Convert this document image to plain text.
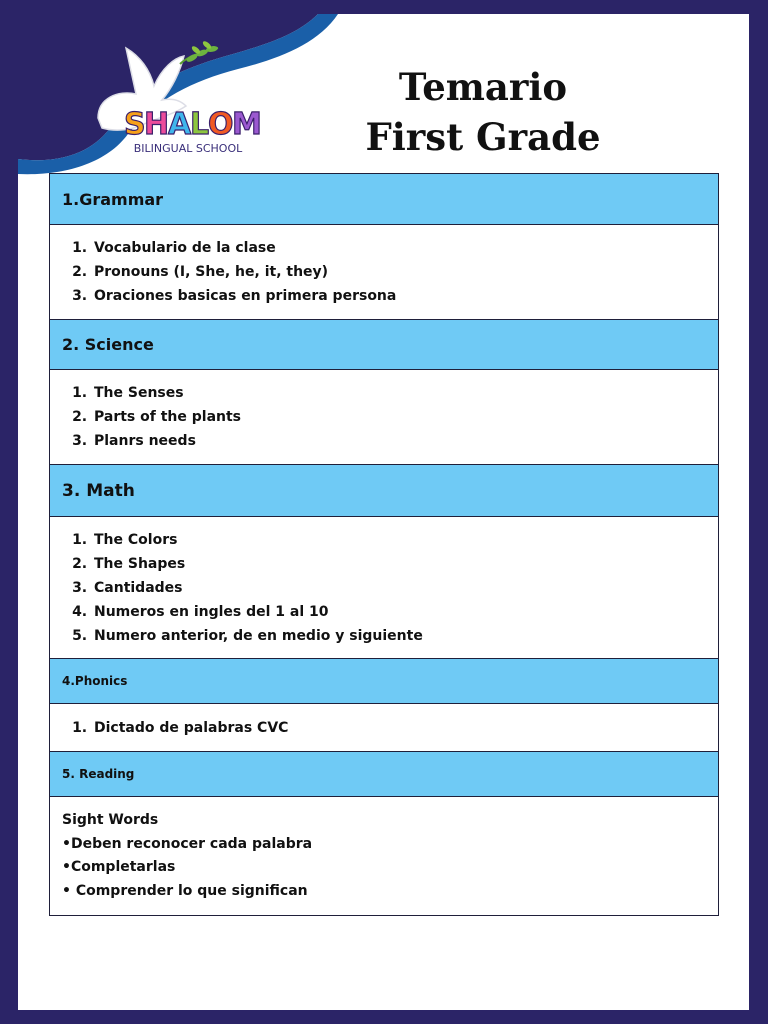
S
H
A
L
O
M
BILINGUAL SCHOOL
Temario
First Grade
1.Grammar

1. Vocabulario de la clase
2. Pronouns (I, She, he, it, they)
3. Oraciones basicas en primera persona

2. Science

1. The Senses
2. Parts of the plants
3. Planrs needs

3. Math

1. The Colors
2. The Shapes
3. Cantidades
4. Numeros en ingles del 1 al 10
5. Numero anterior, de en medio y siguiente

4.Phonics

1. Dictado de palabras CVC

5. Reading

Sight Words
•Deben reconocer cada palabra
•Completarlas
• Comprender lo que significan
